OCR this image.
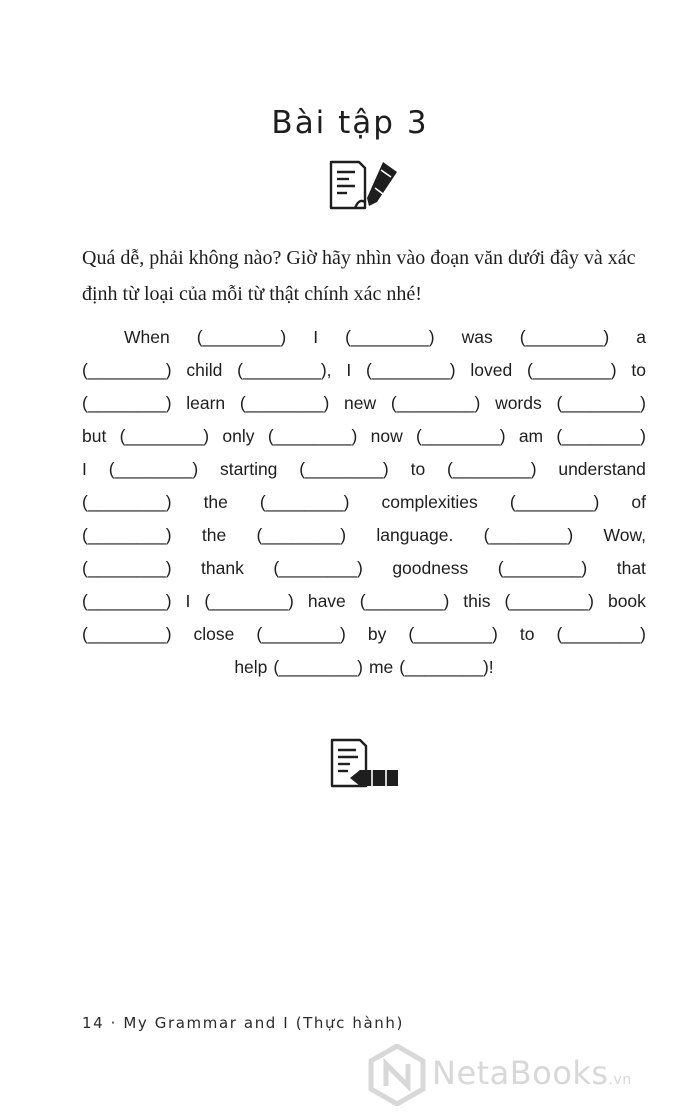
Bài tập 3

Quá dễ, phải không nào? Giờ hãy nhìn vào đoạn văn dưới đây và xác định từ loại của mỗi từ thật chính xác nhé!

When (________) I (________) was (________) a
(________) child (________), I (________) loved (________) to
(________) learn (________) new (________) words (________)
but (________) only (________) now (________) am (________)
I (________) starting (________) to (________) understand
(________) the (________) complexities (________) of
(________) the (________) language. (________) Wow,
(________) thank (________) goodness (________) that
(________) I (________) have (________) this (________) book
(________) close (________) by (________) to (________)
help (________) me (________)!

14 · My Grammar and I (Thực hành)

NetaBooks.vn
